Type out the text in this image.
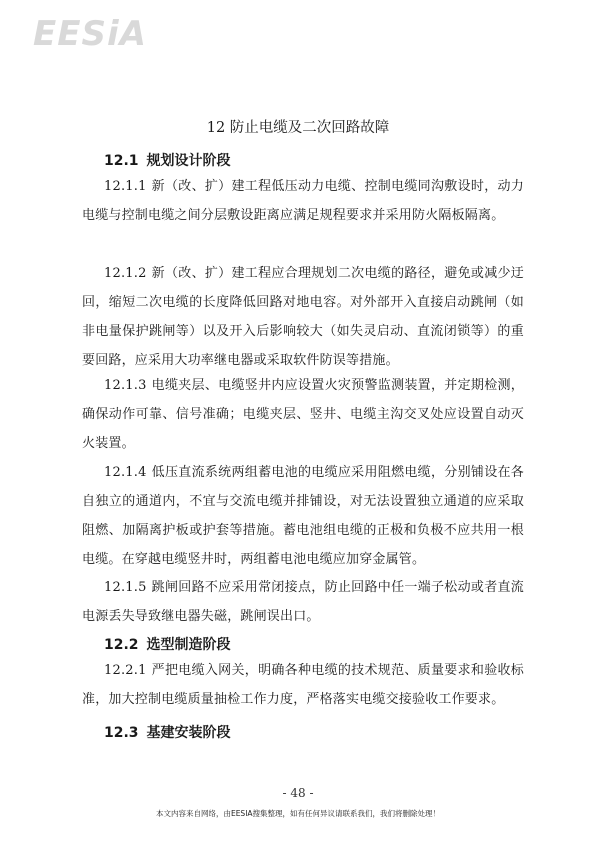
EESiA
12 防止电缆及二次回路故障
12.1 规划设计阶段
12.1.1 新（改、扩）建工程低压动力电缆、控制电缆同沟敷设时，动力电缆与控制电缆之间分层敷设距离应满足规程要求并采用防火隔板隔离。
12.1.2 新（改、扩）建工程应合理规划二次电缆的路径，避免或减少迂回，缩短二次电缆的长度降低回路对地电容。对外部开入直接启动跳闸（如非电量保护跳闸等）以及开入后影响较大（如失灵启动、直流闭锁等）的重要回路，应采用大功率继电器或采取软件防误等措施。
12.1.3 电缆夹层、电缆竖井内应设置火灾预警监测装置，并定期检测，确保动作可靠、信号准确；电缆夹层、竖井、电缆主沟交叉处应设置自动灭火装置。
12.1.4 低压直流系统两组蓄电池的电缆应采用阻燃电缆，分别铺设在各自独立的通道内，不宜与交流电缆并排铺设，对无法设置独立通道的应采取阻燃、加隔离护板或护套等措施。蓄电池组电缆的正极和负极不应共用一根电缆。在穿越电缆竖井时，两组蓄电池电缆应加穿金属管。
12.1.5 跳闸回路不应采用常闭接点，防止回路中任一端子松动或者直流电源丢失导致继电器失磁，跳闸误出口。
12.2 选型制造阶段
12.2.1 严把电缆入网关，明确各种电缆的技术规范、质量要求和验收标准，加大控制电缆质量抽检工作力度，严格落实电缆交接验收工作要求。
12.3 基建安装阶段
- 48 -
本文内容来自网络，由EESIA搜集整理，如有任何异议请联系我们，我们将删除处理！
